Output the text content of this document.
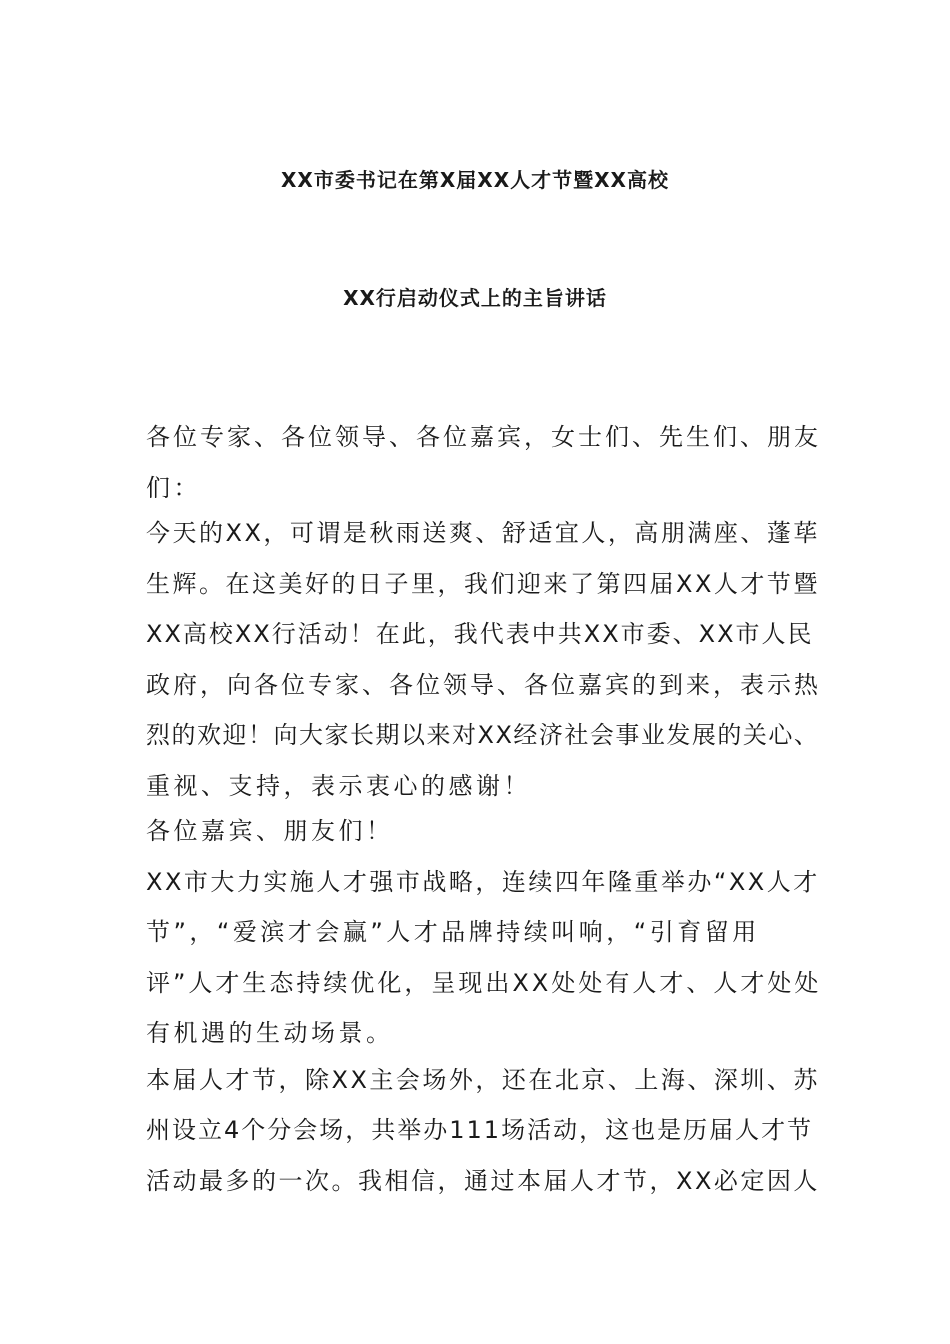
XX市委书记在第X届XX人才节暨XX高校
XX行启动仪式上的主旨讲话
各位专家、各位领导、各位嘉宾，女士们、先生们、朋友
们：
今天的XX，可谓是秋雨送爽、舒适宜人，高朋满座、蓬荜
生辉。在这美好的日子里，我们迎来了第四届XX人才节暨
XX高校XX行活动！在此，我代表中共XX市委、XX市人民
政府，向各位专家、各位领导、各位嘉宾的到来，表示热
烈的欢迎！向大家长期以来对XX经济社会事业发展的关心、
重视、支持，表示衷心的感谢！
各位嘉宾、朋友们！
XX市大力实施人才强市战略，连续四年隆重举办“XX人才
节”，“爱滨才会赢”人才品牌持续叫响，“引育留用
评”人才生态持续优化，呈现出XX处处有人才、人才处处
有机遇的生动场景。
本届人才节，除XX主会场外，还在北京、上海、深圳、苏
州设立4个分会场，共举办111场活动，这也是历届人才节
活动最多的一次。我相信，通过本届人才节，XX必定因人
